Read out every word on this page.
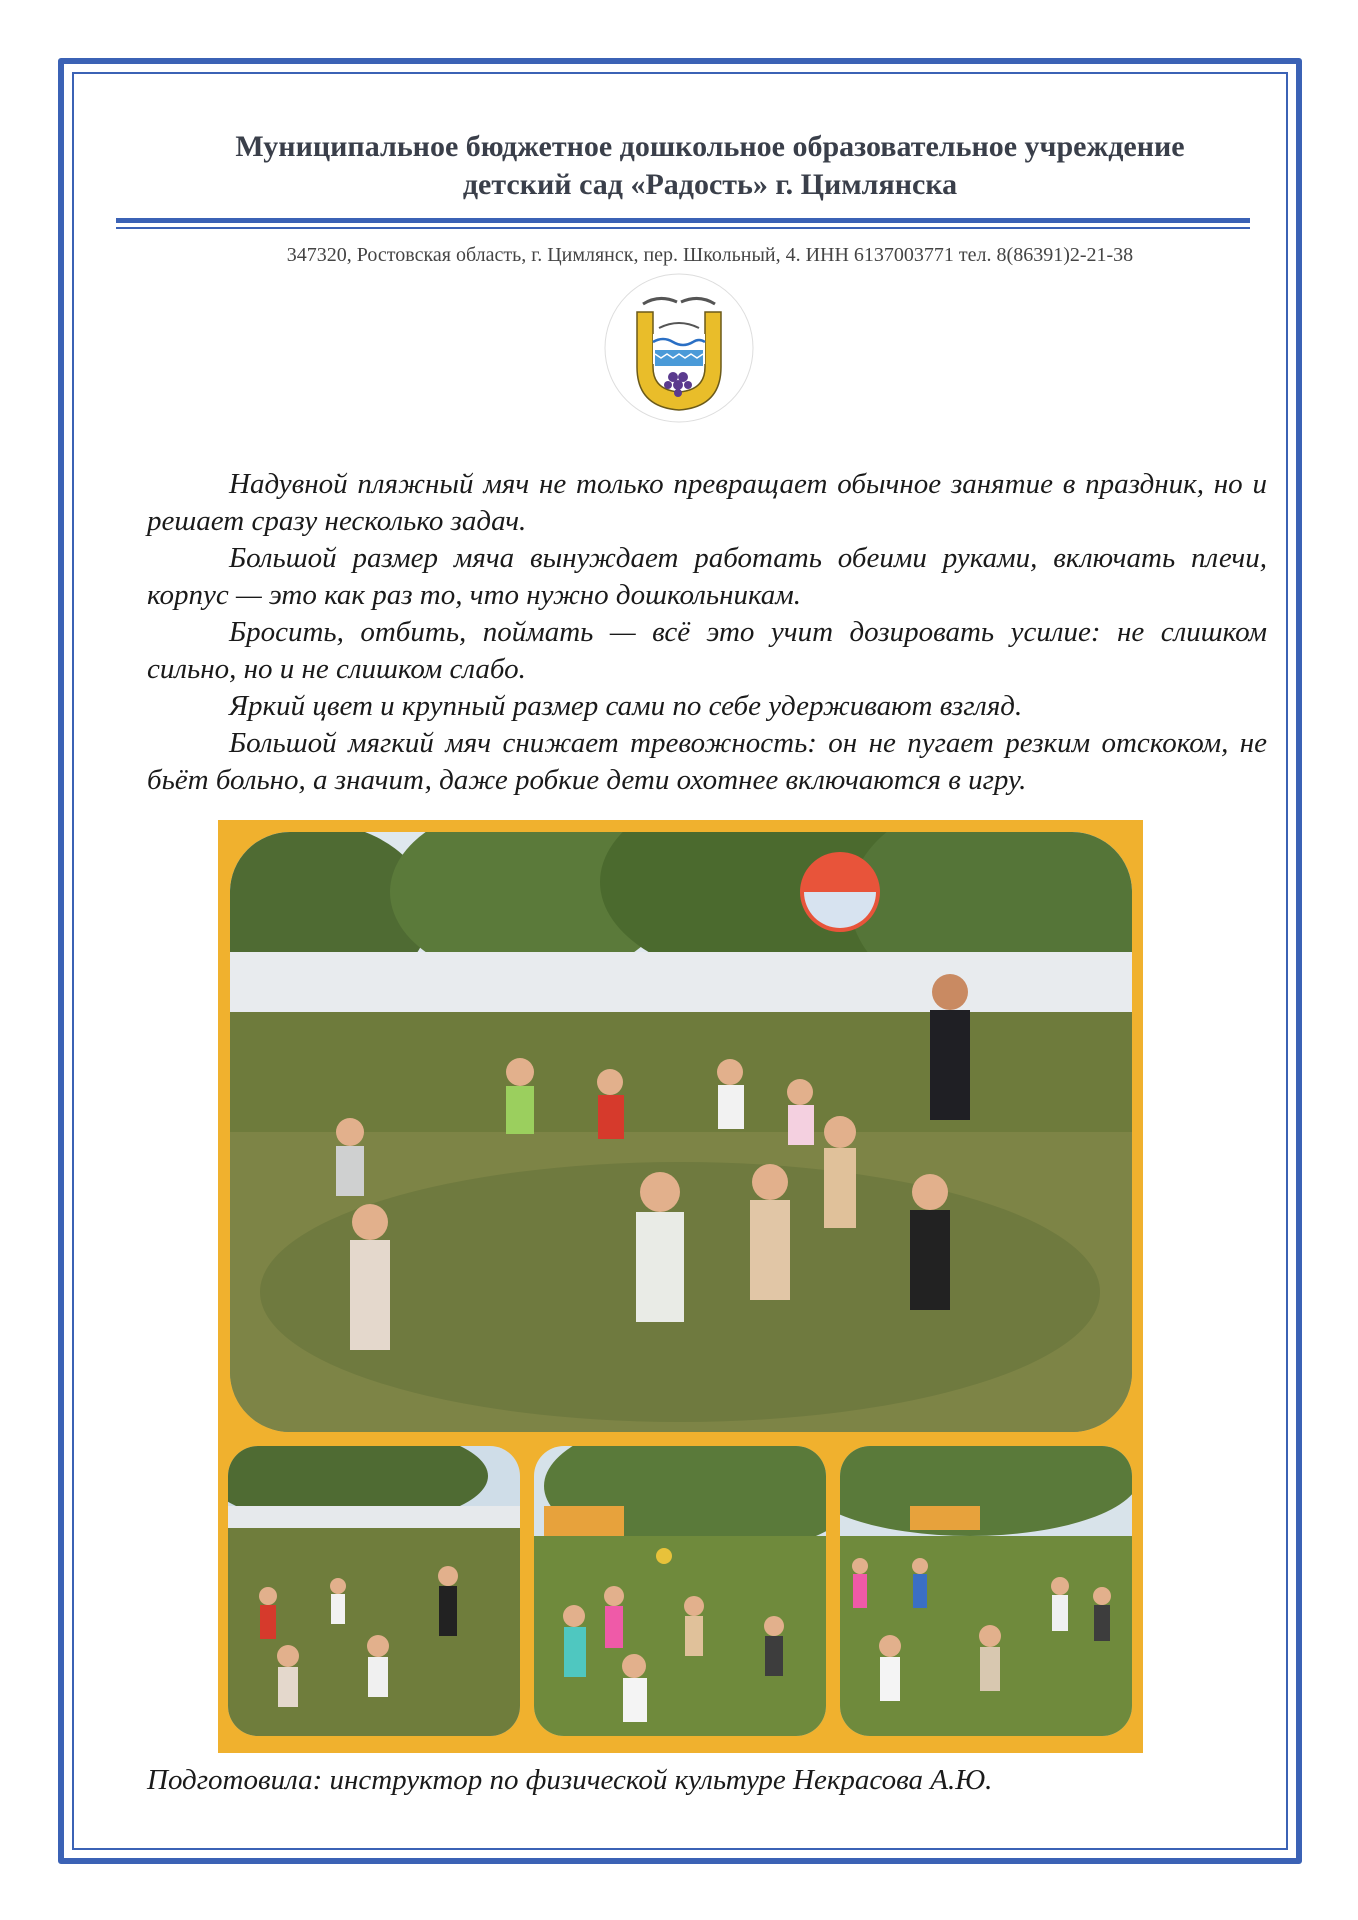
Муниципальное бюджетное дошкольное образовательное учреждение
детский сад «Радость» г. Цимлянска
347320, Ростовская область, г. Цимлянск, пер. Школьный, 4. ИНН 6137003771 тел. 8(86391)2-21-38

Надувной пляжный мяч не только превращает обычное занятие в праздник, но и решает сразу несколько задач.

Большой размер мяча вынуждает работать обеими руками, включать плечи, корпус — это как раз то, что нужно дошкольникам.

Бросить, отбить, поймать — всё это учит дозировать усилие: не слишком сильно, но и не слишком слабо.

Яркий цвет и крупный размер сами по себе удерживают взгляд.

Большой мягкий мяч снижает тревожность: он не пугает резким отскоком, не бьёт больно, а значит, даже робкие дети охотнее включаются в игру.

Подготовила: инструктор по физической культуре Некрасова А.Ю.
